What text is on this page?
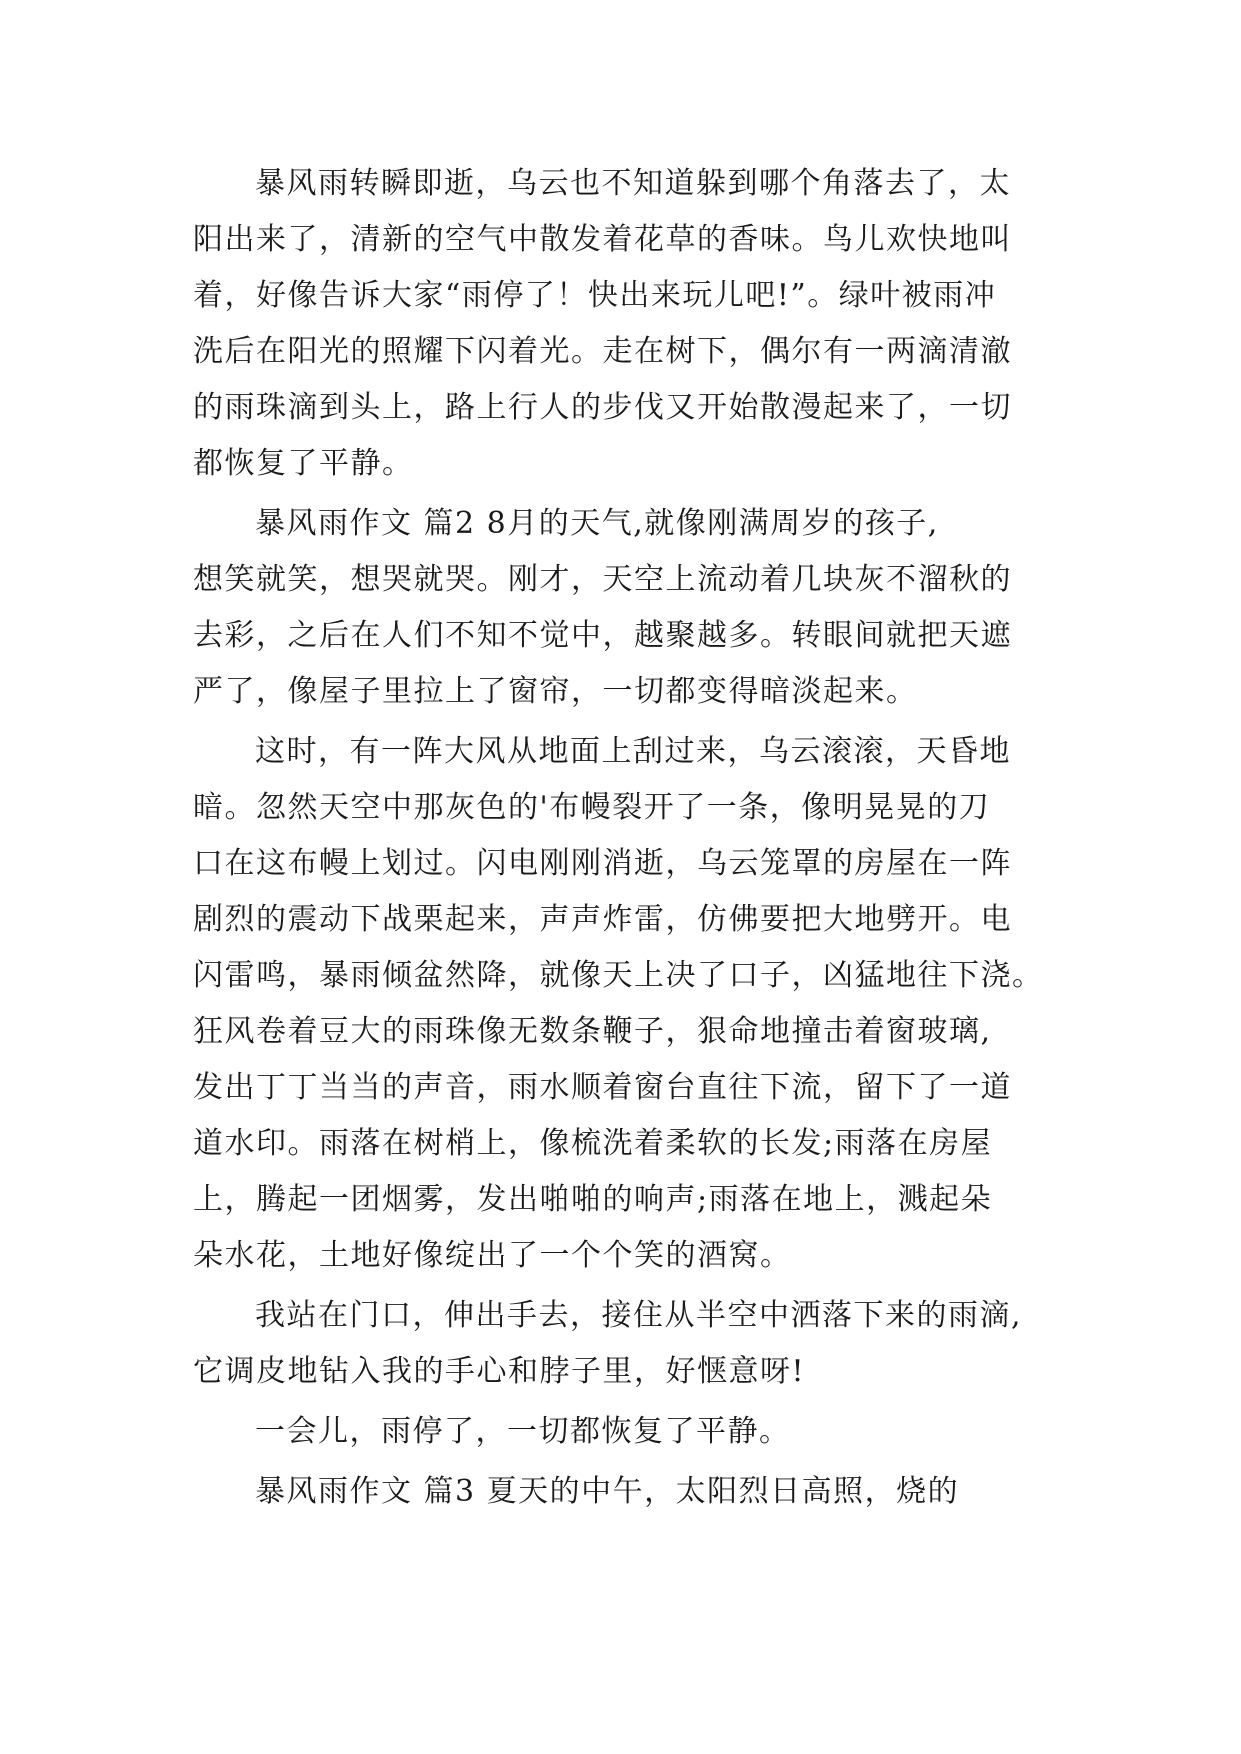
暴风雨转瞬即逝，乌云也不知道躲到哪个角落去了，太
阳出来了，清新的空气中散发着花草的香味。鸟儿欢快地叫
着，好像告诉大家“雨停了！快出来玩儿吧!”。绿叶被雨冲
洗后在阳光的照耀下闪着光。走在树下，偶尔有一两滴清澈
的雨珠滴到头上，路上行人的步伐又开始散漫起来了，一切
都恢复了平静。
暴风雨作文 篇2 8月的天气,就像刚满周岁的孩子,
想笑就笑，想哭就哭。刚才，天空上流动着几块灰不溜秋的
去彩，之后在人们不知不觉中，越聚越多。转眼间就把天遮
严了，像屋子里拉上了窗帘，一切都变得暗淡起来。
这时，有一阵大风从地面上刮过来，乌云滚滚，天昏地
暗。忽然天空中那灰色的'布幔裂开了一条，像明晃晃的刀
口在这布幔上划过。闪电刚刚消逝，乌云笼罩的房屋在一阵
剧烈的震动下战栗起来，声声炸雷，仿佛要把大地劈开。电
闪雷鸣，暴雨倾盆然降，就像天上决了口子，凶猛地往下浇。
狂风卷着豆大的雨珠像无数条鞭子，狠命地撞击着窗玻璃,
发出丁丁当当的声音，雨水顺着窗台直往下流，留下了一道
道水印。雨落在树梢上，像梳洗着柔软的长发;雨落在房屋
上，腾起一团烟雾，发出啪啪的响声;雨落在地上，溅起朵
朵水花，土地好像绽出了一个个笑的酒窝。
我站在门口，伸出手去，接住从半空中洒落下来的雨滴,
它调皮地钻入我的手心和脖子里，好惬意呀!
一会儿，雨停了，一切都恢复了平静。
暴风雨作文 篇3 夏天的中午，太阳烈日高照，烧的
